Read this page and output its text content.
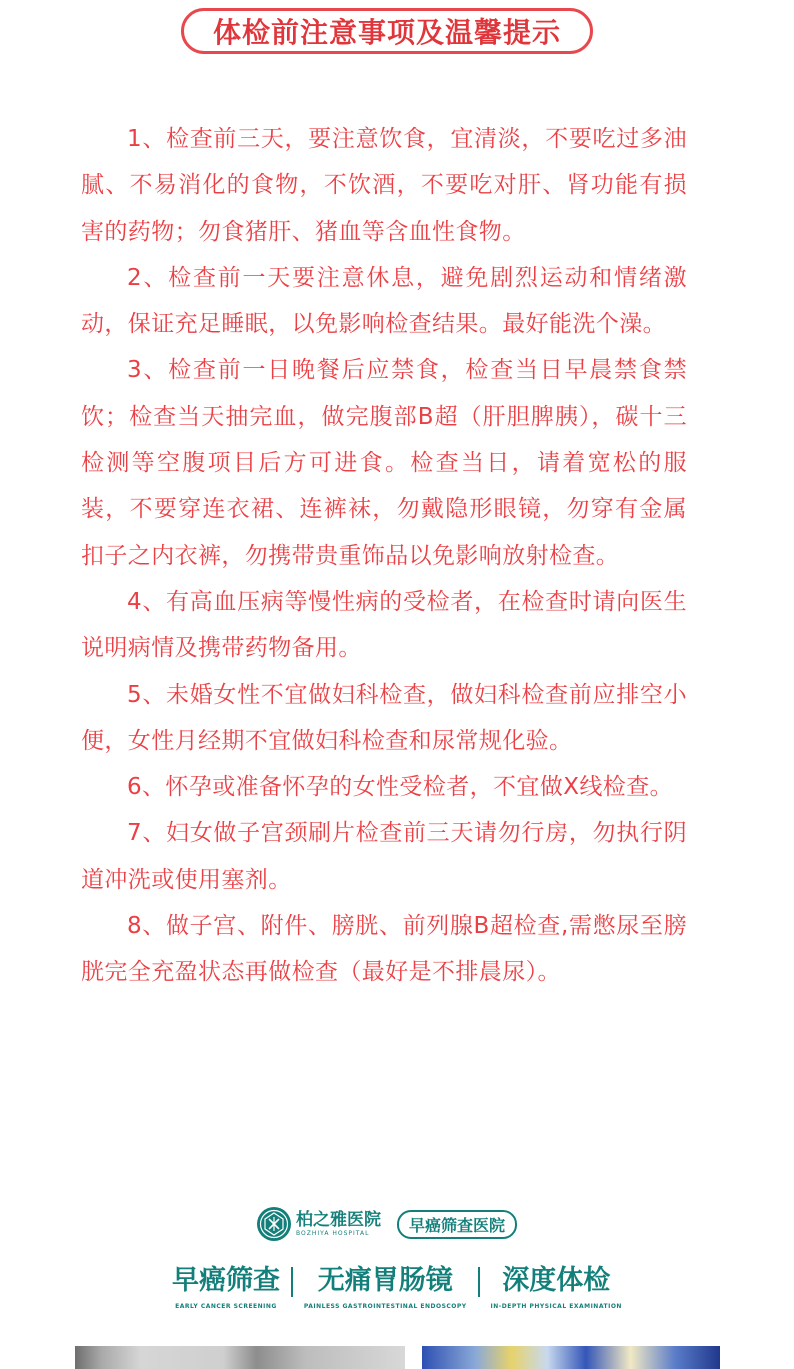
体检前注意事项及温馨提示

1、检查前三天，要注意饮食，宜清淡，不要吃过多油腻、不易消化的食物，不饮酒，不要吃对肝、肾功能有损害的药物；勿食猪肝、猪血等含血性食物。

2、检查前一天要注意休息，避免剧烈运动和情绪激动，保证充足睡眠，以免影响检查结果。最好能洗个澡。

3、检查前一日晚餐后应禁食，检查当日早晨禁食禁饮；检查当天抽完血，做完腹部B超（肝胆脾胰），碳十三检测等空腹项目后方可进食。检查当日，请着宽松的服装，不要穿连衣裙、连裤袜，勿戴隐形眼镜，勿穿有金属扣子之内衣裤，勿携带贵重饰品以免影响放射检查。

4、有高血压病等慢性病的受检者，在检查时请向医生说明病情及携带药物备用。

5、未婚女性不宜做妇科检查，做妇科检查前应排空小便，女性月经期不宜做妇科检查和尿常规化验。

6、怀孕或准备怀孕的女性受检者，不宜做X线检查。

7、妇女做子宫颈刷片检查前三天请勿行房，勿执行阴道冲洗或使用塞剂。

8、做子宫、附件、膀胱、前列腺B超检查,需憋尿至膀胱完全充盈状态再做检查（最好是不排晨尿）。

柏之雅医院
BOZHIYA HOSPITAL	早癌筛查医院
早癌筛查
EARLY CANCER SCREENING
无痛胃肠镜
PAINLESS GASTROINTESTINAL ENDOSCOPY
深度体检
IN-DEPTH PHYSICAL EXAMINATION
